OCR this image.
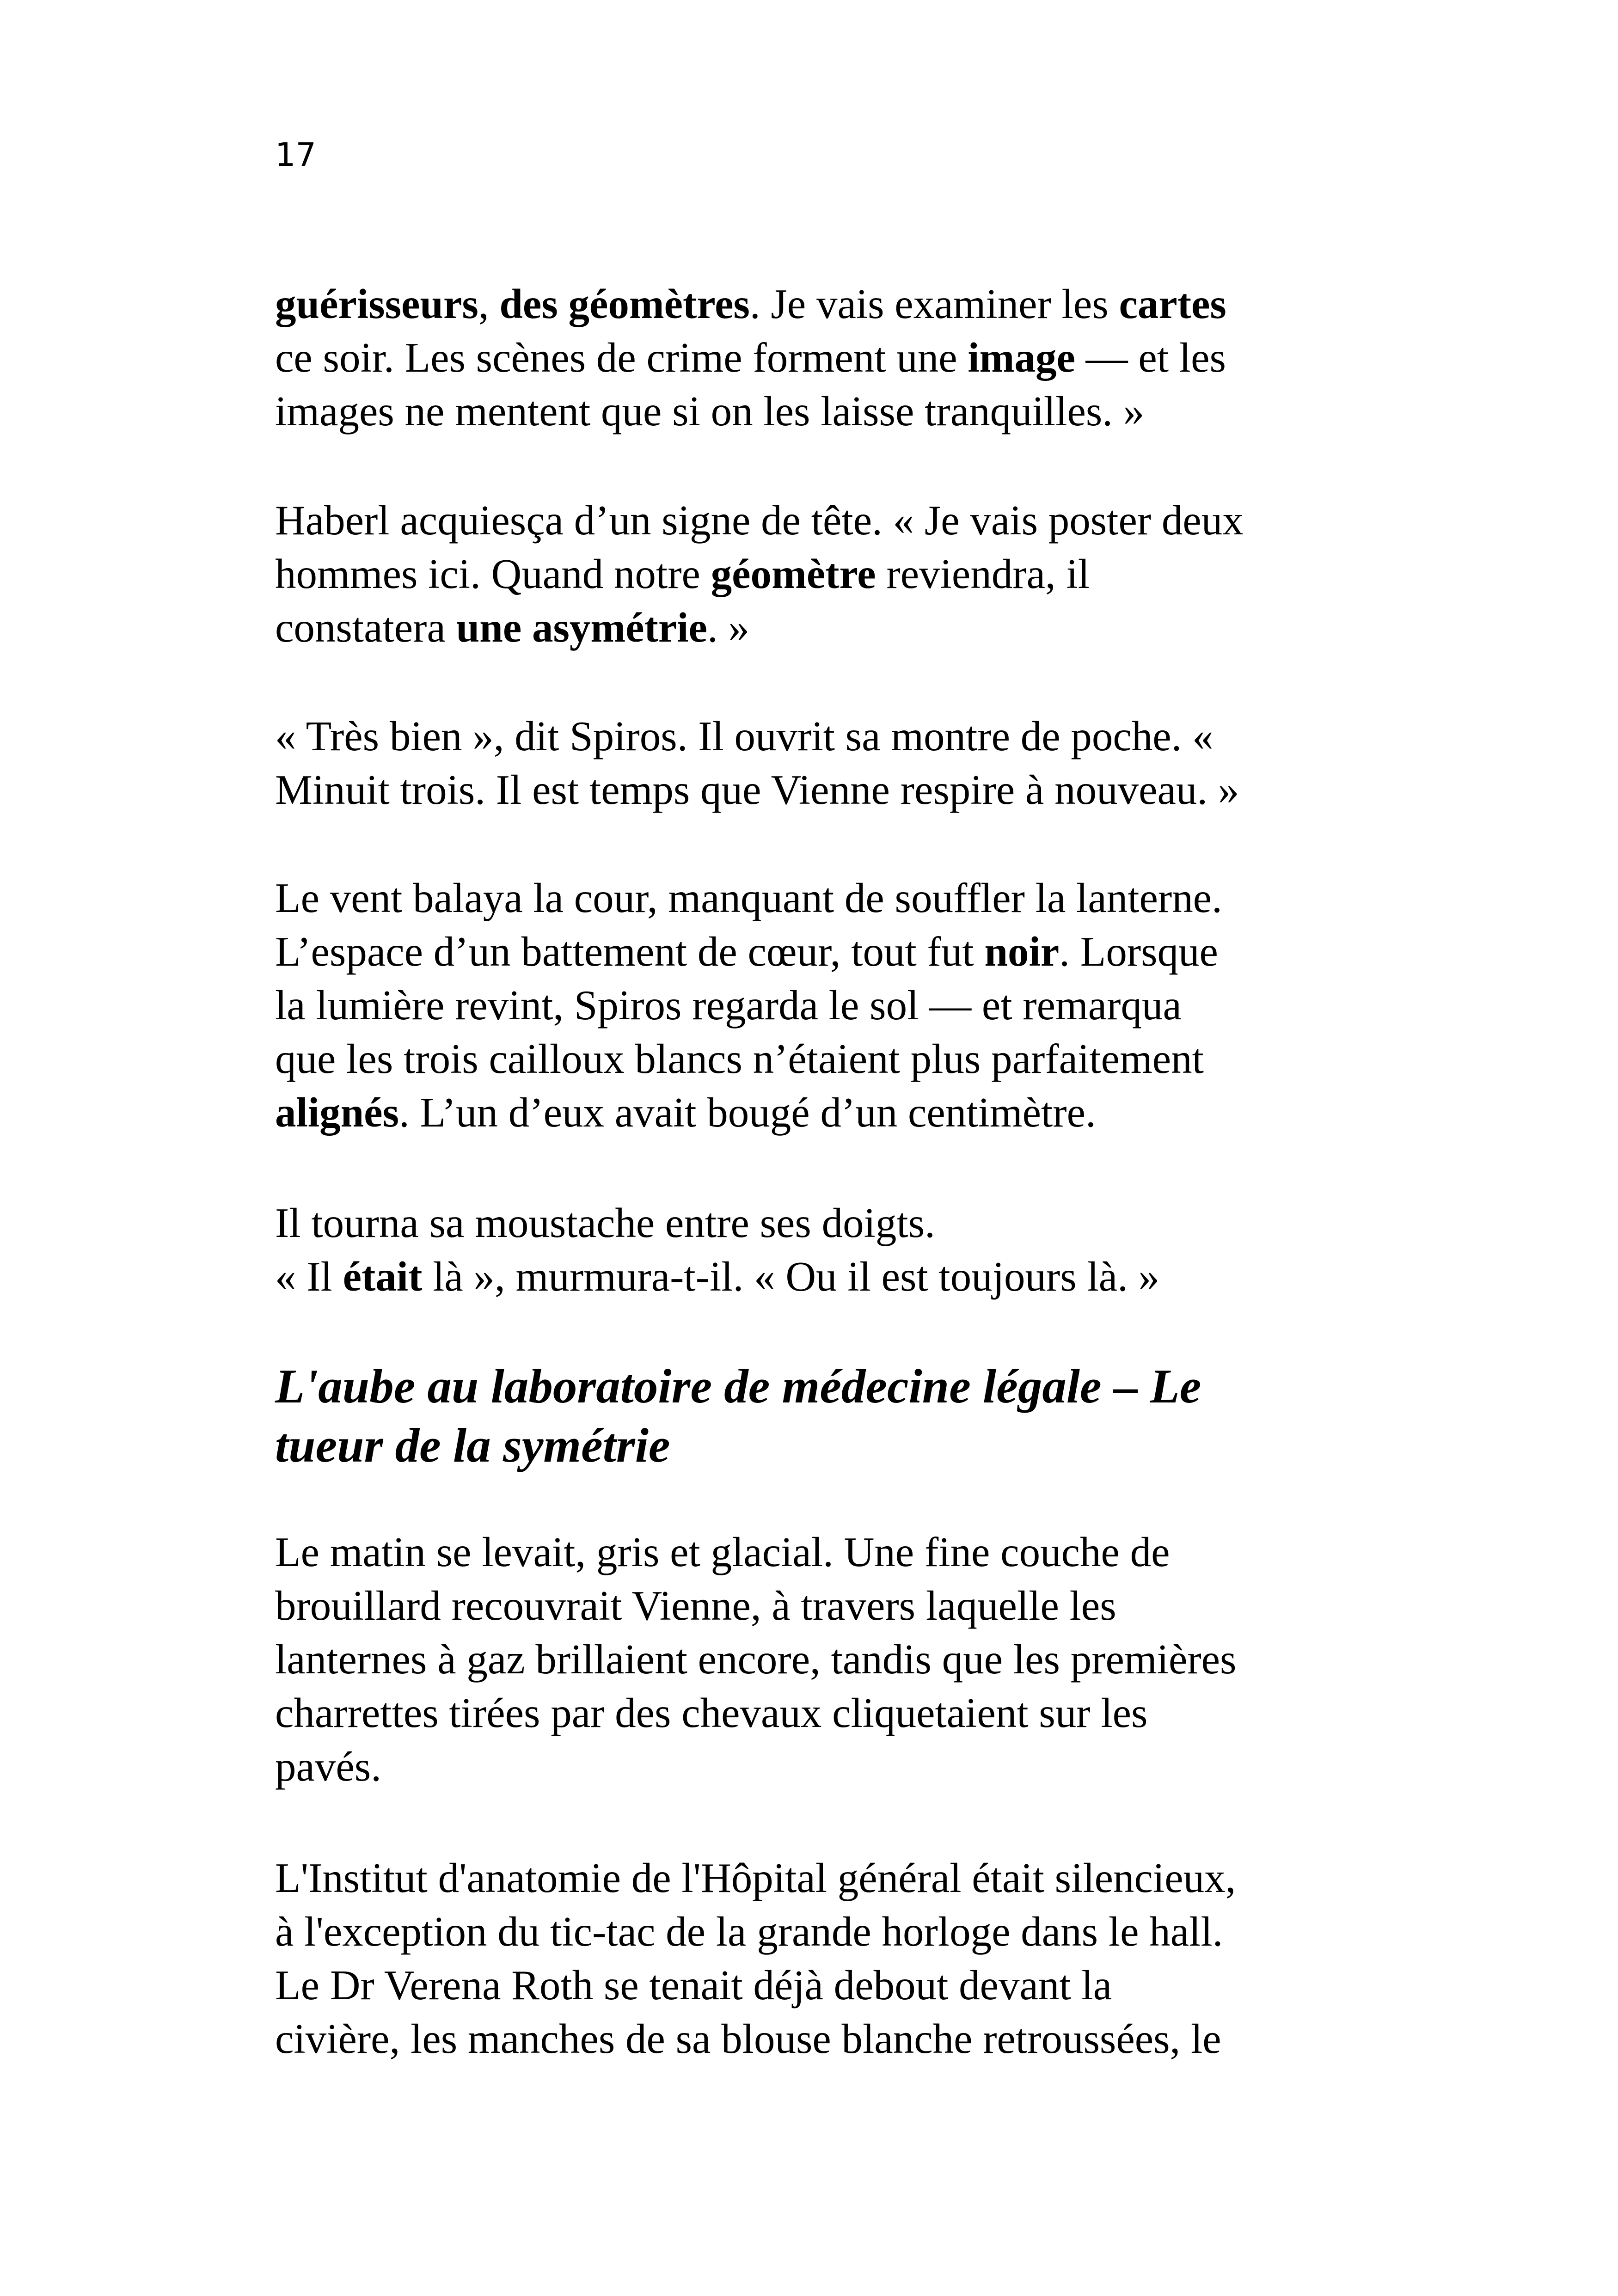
17
guérisseurs, des géomètres. Je vais examiner les cartes
ce soir. Les scènes de crime forment une image — et les
images ne mentent que si on les laisse tranquilles. »
Haberl acquiesça d’un signe de tête. « Je vais poster deux
hommes ici. Quand notre géomètre reviendra, il
constatera une asymétrie. »
« Très bien », dit Spiros. Il ouvrit sa montre de poche. «
Minuit trois. Il est temps que Vienne respire à nouveau. »
Le vent balaya la cour, manquant de souffler la lanterne.
L’espace d’un battement de cœur, tout fut noir. Lorsque
la lumière revint, Spiros regarda le sol — et remarqua
que les trois cailloux blancs n’étaient plus parfaitement
alignés. L’un d’eux avait bougé d’un centimètre.
Il tourna sa moustache entre ses doigts.
« Il était là », murmura-t-il. « Ou il est toujours là. »
L'aube au laboratoire de médecine légale – Le
tueur de la symétrie
Le matin se levait, gris et glacial. Une fine couche de
brouillard recouvrait Vienne, à travers laquelle les
lanternes à gaz brillaient encore, tandis que les premières
charrettes tirées par des chevaux cliquetaient sur les
pavés.
L'Institut d'anatomie de l'Hôpital général était silencieux,
à l'exception du tic-tac de la grande horloge dans le hall.
Le Dr Verena Roth se tenait déjà debout devant la
civière, les manches de sa blouse blanche retroussées, le
